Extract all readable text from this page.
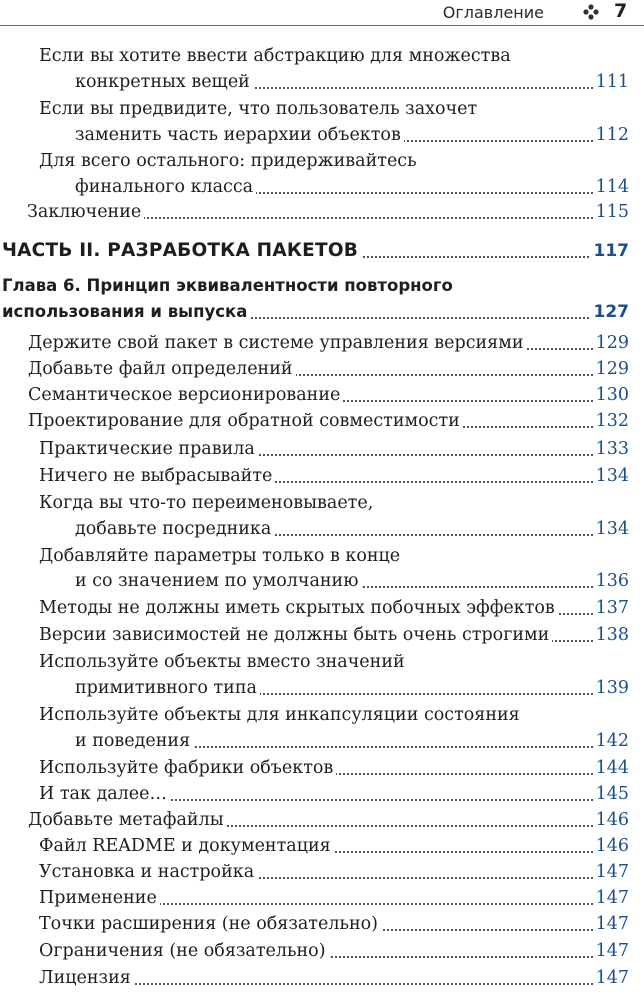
Оглавление	7
Если вы хотите ввести абстракцию для множества
конкретных вещей	111
Если вы предвидите, что пользователь захочет
заменить часть иерархии объектов	112
Для всего остального: придерживайтесь
финального класса	114
Заключение	115
ЧАСТЬ II. РАЗРАБОТКА ПАКЕТОВ	117
Глава 6. Принцип эквивалентности повторного
использования и выпуска	127
Держите свой пакет в системе управления версиями	129
Добавьте файл определений	129
Семантическое версионирование	130
Проектирование для обратной совместимости	132
Практические правила	133
Ничего не выбрасывайте	134
Когда вы что-то переименовываете,
добавьте посредника	134
Добавляйте параметры только в конце
и со значением по умолчанию	136
Методы не должны иметь скрытых побочных эффектов 137
Версии зависимостей не должны быть очень строгими	138
Используйте объекты вместо значений
примитивного типа	139
Используйте объекты для инкапсуляции состояния
и поведения	142
Используйте фабрики объектов	144
И так далее…	145
Добавьте метафайлы	146
Файл README и документация	146
Установка и настройка	147
Применение	147
Точки расширения (не обязательно)	147
Ограничения (не обязательно)	147
Лицензия	147
